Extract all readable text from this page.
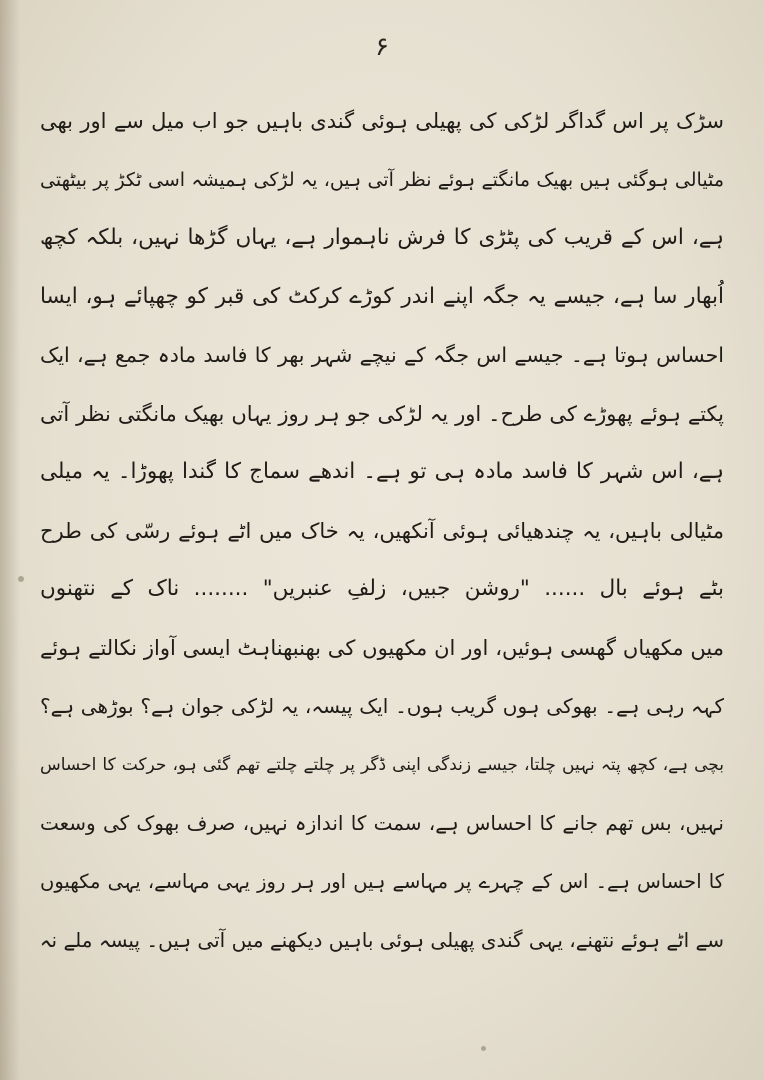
۶
سڑک پر اس گداگر لڑکی کی پھیلی ہوئی گندی باہیں جو اب میل سے اور بھی
مٹیالی ہوگئی ہیں بھیک مانگتے ہوئے نظر آتی ہیں، یہ لڑکی ہمیشہ اسی ٹکڑ پر بیٹھتی
ہے، اس کے قریب کی پٹڑی کا فرش ناہموار ہے، یہاں گڑھا نہیں، بلکہ کچھ
اُبھار سا ہے، جیسے یہ جگہ اپنے اندر کوڑے کرکٹ کی قبر کو چھپائے ہو، ایسا
احساس ہوتا ہے۔ جیسے اس جگہ کے نیچے شہر بھر کا فاسد مادہ جمع ہے، ایک
پکتے ہوئے پھوڑے کی طرح۔ اور یہ لڑکی جو ہر روز یہاں بھیک مانگتی نظر آتی
ہے، اس شہر کا فاسد مادہ ہی تو ہے۔ اندھے سماج کا گندا پھوڑا۔ یہ میلی
مٹیالی باہیں، یہ چندھیائی ہوئی آنکھیں، یہ خاک میں اٹے ہوئے رسّی کی طرح
بٹے ہوئے بال ...... "روشن جبیں، زلفِ عنبریں" ........ ناک کے نتھنوں
میں مکھیاں گھسی ہوئیں، اور ان مکھیوں کی بھنبھناہٹ ایسی آواز نکالتے ہوئے
کہہ رہی ہے۔ بھوکی ہوں گریب ہوں۔ ایک پیسہ، یہ لڑکی جوان ہے؟ بوڑھی ہے؟
بچی ہے، کچھ پتہ نہیں چلتا، جیسے زندگی اپنی ڈگر پر چلتے چلتے تھم گئی ہو، حرکت کا احساس
نہیں، بس تھم جانے کا احساس ہے، سمت کا اندازہ نہیں، صرف بھوک کی وسعت
کا احساس ہے۔ اس کے چہرے پر مہاسے ہیں اور ہر روز یہی مہاسے، یہی مکھیوں
سے اٹے ہوئے نتھنے، یہی گندی پھیلی ہوئی باہیں دیکھنے میں آتی ہیں۔ پیسہ ملے نہ
